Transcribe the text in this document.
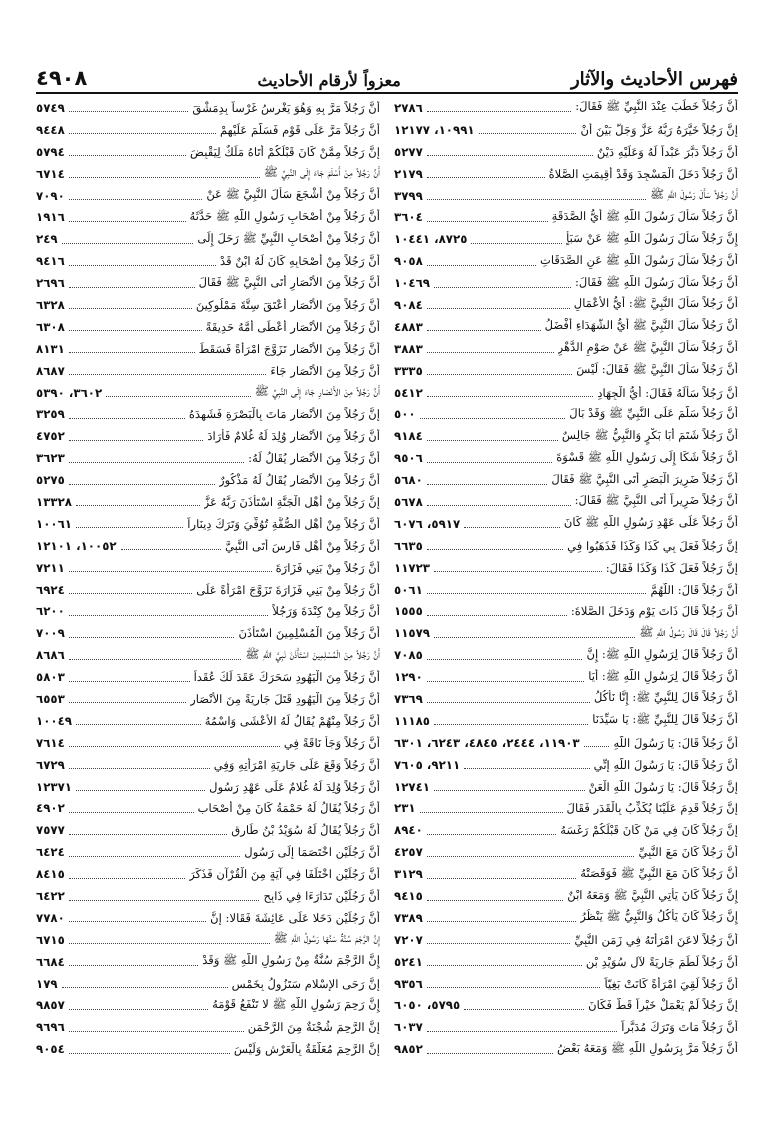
٤٩٠٨	معزواً لأرقام الأحاديث	فهرس الأحاديث والآثار
أَنَّ رَجُلاً خَطَبَ عِنْدَ النَّبِيِّ ﷺ فَقَالَ:
٢٧٨٦
إِنَّ رَجُلاً خَيَّرَهُ رَبُّهُ عَزَّ وَجَلَّ بَيْنَ أَنْ
١٠٩٩١، ١٢١٧٧
أَنَّ رَجُلاً دَبَّرَ عَبْداً لَهُ وَعَلَيْهِ دَيْنٌ
٥٢٧٧
أَنَّ رَجُلاً دَخَلَ الْمَسْجِدَ وَقَدْ أُقِيمَتِ الصَّلاةُ
٢١٧٩
أَنَّ رَجُلاً سَأَلَ رَسُولَ اللَّهِ ﷺ
٣٧٩٩
أَنَّ رَجُلاً سَأَلَ رَسُولَ اللَّهِ ﷺ أَيُّ الصَّدَقَةِ
٣٦٠٤
إِنَّ رَجُلاً سَأَلَ رَسُولَ اللَّهِ ﷺ عَنْ سَبَأٍ
٨٧٢٥، ١٠٤٤١
أَنَّ رَجُلاً سَأَلَ رَسُولَ اللَّهِ ﷺ عَنِ الصَّدَقَاتِ
٩٠٥٨
أَنَّ رَجُلاً سَأَلَ رَسُولَ اللَّهِ ﷺ فَقَالَ:
١٠٤٦٩
أَنَّ رَجُلاً سَأَلَ النَّبِيَّ ﷺ: أَيُّ الأَعْمَالِ
٩٠٨٤
أَنَّ رَجُلاً سَأَلَ النَّبِيَّ ﷺ أَيُّ الشُّهَدَاءِ أَفْضَلُ
٤٨٨٣
أَنَّ رَجُلاً سَأَلَ النَّبِيَّ ﷺ عَنْ صَوْمِ الدَّهْرِ
٣٨٨٣
أَنَّ رَجُلاً سَأَلَ النَّبِيَّ ﷺ فَقَالَ: لَيْسَ
٣٣٣٥
أَنَّ رَجُلاً سَأَلَهُ فَقَالَ: أَيُّ الْجِهَادِ
٥٤١٢
أَنَّ رَجُلاً سَلَّمَ عَلَى النَّبِيِّ ﷺ وَقَدْ بَالَ
٥٠٠
أَنَّ رَجُلاً شَتَمَ أَبَا بَكْرٍ وَالنَّبِيُّ ﷺ جَالِسٌ
٩١٨٤
أَنَّ رَجُلاً شَكَا إِلَى رَسُولِ اللَّهِ ﷺ قَسْوَةَ
٩٥٠٦
أَنَّ رَجُلاً ضَرِيرَ الْبَصَرِ أَتَى النَّبِيَّ ﷺ فَقَالَ
٥٦٨٠
أَنَّ رَجُلاً ضَرِيراً أَتَى النَّبِيَّ ﷺ فَقَالَ:
٥٦٧٨
أَنَّ رَجُلاً عَلَى عَهْدِ رَسُولِ اللَّهِ ﷺ كَانَ
٥٩١٧، ٦٠٧٦
إِنَّ رَجُلاً فَعَلَ بِي كَذَا وَكَذَا فَذَهَبُوا فِي
٦٦٣٥
إِنَّ رَجُلاً فَعَلَ كَذَا وَكَذَا فَقَالَ:
١١٧٢٣
أَنَّ رَجُلاً قَالَ: اللَّهُمَّ
٥٠٦١
أَنَّ رَجُلاً قَالَ ذَاتَ يَوْمٍ وَدَخَلَ الصَّلاةَ:
١٥٥٥
أَنَّ رَجُلاً قَالَ قَالَ رَسُولُ اللَّهِ ﷺ
١١٥٧٩
أَنَّ رَجُلاً قَالَ لِرَسُولِ اللَّهِ ﷺ: إِنَّ
٧٠٨٥
أَنَّ رَجُلاً قَالَ لِرَسُولِ اللَّهِ ﷺ: أَيَا
١٢٩٠
أَنَّ رَجُلاً قَالَ لِلنَّبِيِّ ﷺ: إِنَّا نَأْكُلُ
٧٣٦٩
أَنَّ رَجُلاً قَالَ لِلنَّبِيِّ ﷺ: يَا سَيِّدَنَا
١١١٨٥
أَنَّ رَجُلاً قَالَ: يَا رَسُولَ اللَّهِ
١١٩٠٣، ٢٤٤٤، ٤٨٤٥، ٦٢٤٣، ٦٣٠١
أَنَّ رَجُلاً قَالَ: يَا رَسُولَ اللَّهِ إِنِّي
٩٢١١، ٧٦٠٥
إِنَّ رَجُلاً قَالَ: يَا رَسُولَ اللَّهِ الْعَنْ
١٢٧٤١
إِنَّ رَجُلاً قَدِمَ عَلَيْنَا يُكَذِّبُ بِالْقَدَرِ فَقَالَ
٢٣١
إِنَّ رَجُلاً كَانَ فِي مَنْ كَانَ قَبْلَكُمْ رَغَسَهُ
٨٩٤٠
أَنَّ رَجُلاً كَانَ مَعَ النَّبِيِّ
٤٢٥٧
أَنَّ رَجُلاً كَانَ مَعَ النَّبِيِّ ﷺ فَوَقَصَتْهُ
٣١٢٩
إِنَّ رَجُلاً كَانَ يَأْتِي النَّبِيَّ ﷺ وَمَعَهُ ابْنٌ
٩٤١٥
إِنَّ رَجُلاً كَانَ يَأْكُلُ وَالنَّبِيُّ ﷺ يَنْظُرُ
٧٣٨٩
أَنَّ رَجُلاً لاعَنَ امْرَأَتَهُ فِي زَمَنِ النَّبِيِّ
٧٢٠٧
أَنَّ رَجُلاً لَطَمَ جَارِيَةً لآلِ سُوَيْدِ بْنِ
٥٢٤١
أَنَّ رَجُلاً لَقِيَ امْرَأَةً كَانَتْ بَغِيّاً
٩٣٥٦
إِنَّ رَجُلاً لَمْ يَعْمَلْ خَيْراً قَطُّ فَكَانَ
٥٧٩٥، ٦٠٥٠
أَنَّ رَجُلاً مَاتَ وَتَرَكَ مُدَبَّراً
٦٠٣٧
أَنَّ رَجُلاً مَرَّ بِرَسُولِ اللَّهِ ﷺ وَمَعَهُ بَعْضُ
٩٨٥٢
أَنَّ رَجُلاً مَرَّ بِهِ وَهُوَ يَغْرِسُ غَرْساً بِدِمَشْقَ
٥٧٤٩
أَنَّ رَجُلاً مَرَّ عَلَى قَوْمٍ فَسَلَّمَ عَلَيْهِمْ
٩٤٤٨
إِنَّ رَجُلاً مِمَّنْ كَانَ قَبْلَكُمْ أَتَاهُ مَلَكٌ لِيَقْبِضَ
٥٧٩٤
أَنَّ رَجُلاً مِنْ أَسْلَمَ جَاءَ إِلَى النَّبِيِّ ﷺ
٦٧١٤
أَنَّ رَجُلاً مِنْ أَشْجَعَ سَأَلَ النَّبِيَّ ﷺ عَنْ
٧٠٩٠
أَنَّ رَجُلاً مِنْ أَصْحَابِ رَسُولِ اللَّهِ ﷺ حَدَّثَهُ
١٩١٦
أَنَّ رَجُلاً مِنْ أَصْحَابِ النَّبِيِّ ﷺ رَحَلَ إِلَى
٢٤٩
أَنَّ رَجُلاً مِنْ أَصْحَابِهِ كَانَ لَهُ ابْنٌ قَدْ
٩٤١٦
أَنَّ رَجُلاً مِنَ الأَنْصَارِ أَتَى النَّبِيَّ ﷺ فَقَالَ
٢٦٩٦
أَنَّ رَجُلاً مِنَ الأَنْصَارِ أَعْتَقَ سِتَّةَ مَمْلُوكِينَ
٦٣٢٨
أَنَّ رَجُلاً مِنَ الأَنْصَارِ أَعْطَى أُمَّهُ حَدِيقَةً
٦٣٠٨
أَنَّ رَجُلاً مِنَ الأَنْصَارِ تَزَوَّجَ امْرَأَةً فَسَقَطَ
٨١٣١
أَنَّ رَجُلاً مِنَ الأَنْصَارِ جَاءَ
٨٦٨٧
أَنَّ رَجُلاً مِنَ الأَنْصَارِ جَاءَ إِلَى النَّبِيِّ ﷺ
٣٦٠٢، ٥٣٩٠
إِنَّ رَجُلاً مِنَ الأَنْصَارِ مَاتَ بِالْبَصْرَةِ فَشَهِدَهُ
٣٢٥٩
أَنَّ رَجُلاً مِنَ الأَنْصَارِ وُلِدَ لَهُ غُلامٌ فَأَرَادَ
٤٧٥٢
أَنَّ رَجُلاً مِنَ الأَنْصَارِ يُقَالُ لَهُ:
٣٦٢٣
أَنَّ رَجُلاً مِنَ الأَنْصَارِ يُقَالُ لَهُ مَذْكُورٌ
٥٢٧٥
إِنَّ رَجُلاً مِنْ أَهْلِ الْجَنَّةِ اسْتَأْذَنَ رَبَّهُ عَزَّ
١٣٣٢٨
أَنَّ رَجُلاً مِنْ أَهْلِ الصُّفَّةِ تُوُفِّيَ وَتَرَكَ دِينَاراً
١٠٠٦١
أَنَّ رَجُلاً مِنْ أَهْلِ فَارِسَ أَتَى النَّبِيَّ
١٠٠٥٢، ١٢١٠١
أَنَّ رَجُلاً مِنْ بَنِي فَزَارَةَ
٧٢١١
أَنَّ رَجُلاً مِنْ بَنِي فَزَارَةَ تَزَوَّجَ امْرَأَةً عَلَى
٦٩٢٤
أَنَّ رَجُلاً مِنْ كِنْدَةَ وَرَجُلاً
٦٢٠٠
أَنَّ رَجُلاً مِنَ الْمُسْلِمِينَ اسْتَأْذَنَ
٧٠٠٩
أَنَّ رَجُلاً مِنَ الْمُسْلِمِينَ اسْتَأْذَنَ نَبِيَّ اللَّهِ ﷺ
٨٦٨٦
أَنَّ رَجُلاً مِنَ الْيَهُودِ سَحَرَكَ عَقَدَ لَكَ عُقَداً
٥٨٠٣
أَنَّ رَجُلاً مِنَ الْيَهُودِ قَتَلَ جَارِيَةً مِنَ الأَنْصَارِ
٦٥٥٣
أَنَّ رَجُلاً مِنْهُمْ يُقَالُ لَهُ الأَعْشَى وَاسْمُهُ
١٠٠٤٩
أَنَّ رَجُلاً وَجَأَ نَاقَةً فِي
٧٦١٤
أَنَّ رَجُلاً وَقَعَ عَلَى جَارِيَةِ امْرَأَتِهِ وَفِي
٦٧٢٩
أَنَّ رَجُلاً وُلِدَ لَهُ غُلامٌ عَلَى عَهْدِ رَسُولِ
١٢٣٧١
أَنَّ رَجُلاً يُقَالُ لَهُ حَمْمَةُ كَانَ مِنْ أَصْحَابِ
٤٩٠٢
أَنَّ رَجُلاً يُقَالُ لَهُ سُوَيْدُ بْنُ طَارِقٍ
٧٥٧٧
أَنَّ رَجُلَيْنِ اخْتَصَمَا إِلَى رَسُولِ
٦٤٢٤
أَنَّ رَجُلَيْنِ اخْتَلَفَا فِي آيَةٍ مِنَ الْقُرْآنِ فَذَكَرَ
٨٤١٥
أَنَّ رَجُلَيْنِ تَدَارَءَا فِي ذَابِحٍ
٦٤٢٢
أَنَّ رَجُلَيْنِ دَخَلا عَلَى عَائِشَةَ فَقَالا: إِنَّ
٧٧٨٠
إِنَّ الرَّجْمَ سُنَّةٌ سَنَّهَا رَسُولُ اللَّهِ ﷺ
٦٧١٥
إِنَّ الرَّجْمَ سُنَّةٌ مِنْ رَسُولِ اللَّهِ ﷺ وَقَدْ
٦٦٨٤
إِنَّ رَحَى الإِسْلامِ سَتَزُولُ بِخَمْسٍ
١٧٩
إِنَّ رَحِمَ رَسُولِ اللَّهِ ﷺ لا تَنْفَعُ قَوْمَهُ
٩٨٥٧
إِنَّ الرَّحِمَ شُجْنَةٌ مِنَ الرَّحْمَنِ
٩٦٩٦
إِنَّ الرَّحِمَ مُعَلَّقَةٌ بِالْعَرْشِ وَلَيْسَ
٩٠٥٤
